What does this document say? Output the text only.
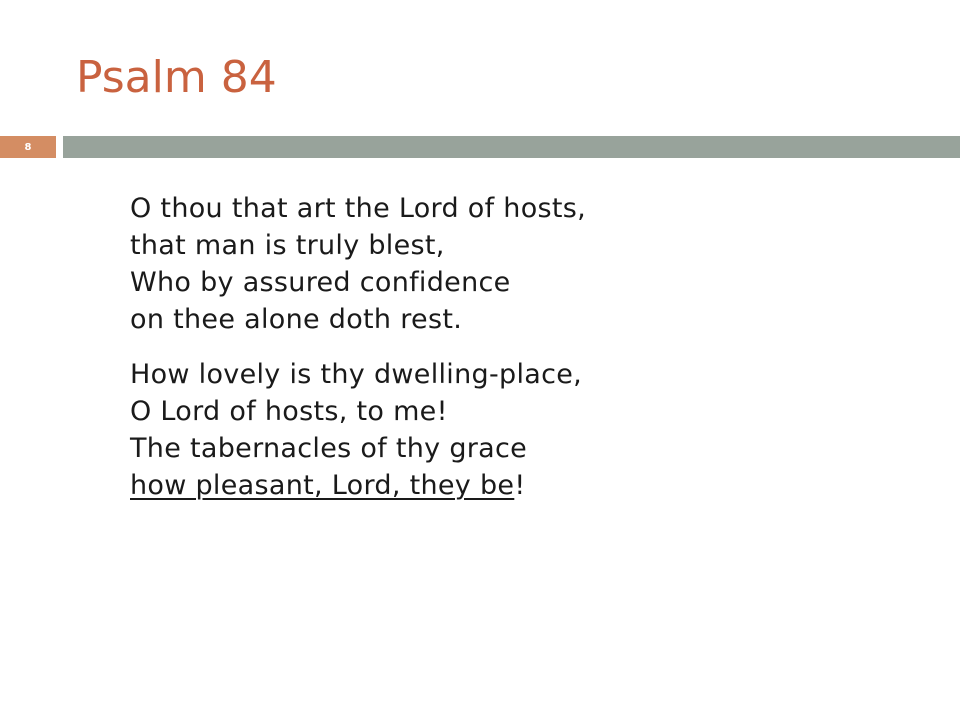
Psalm 84
8
O thou that art the Lord of hosts,
that man is truly blest,
Who by assured confidence
on thee alone doth rest.
How lovely is thy dwelling-place,
O Lord of hosts, to me!
The tabernacles of thy grace
how pleasant, Lord, they be!
